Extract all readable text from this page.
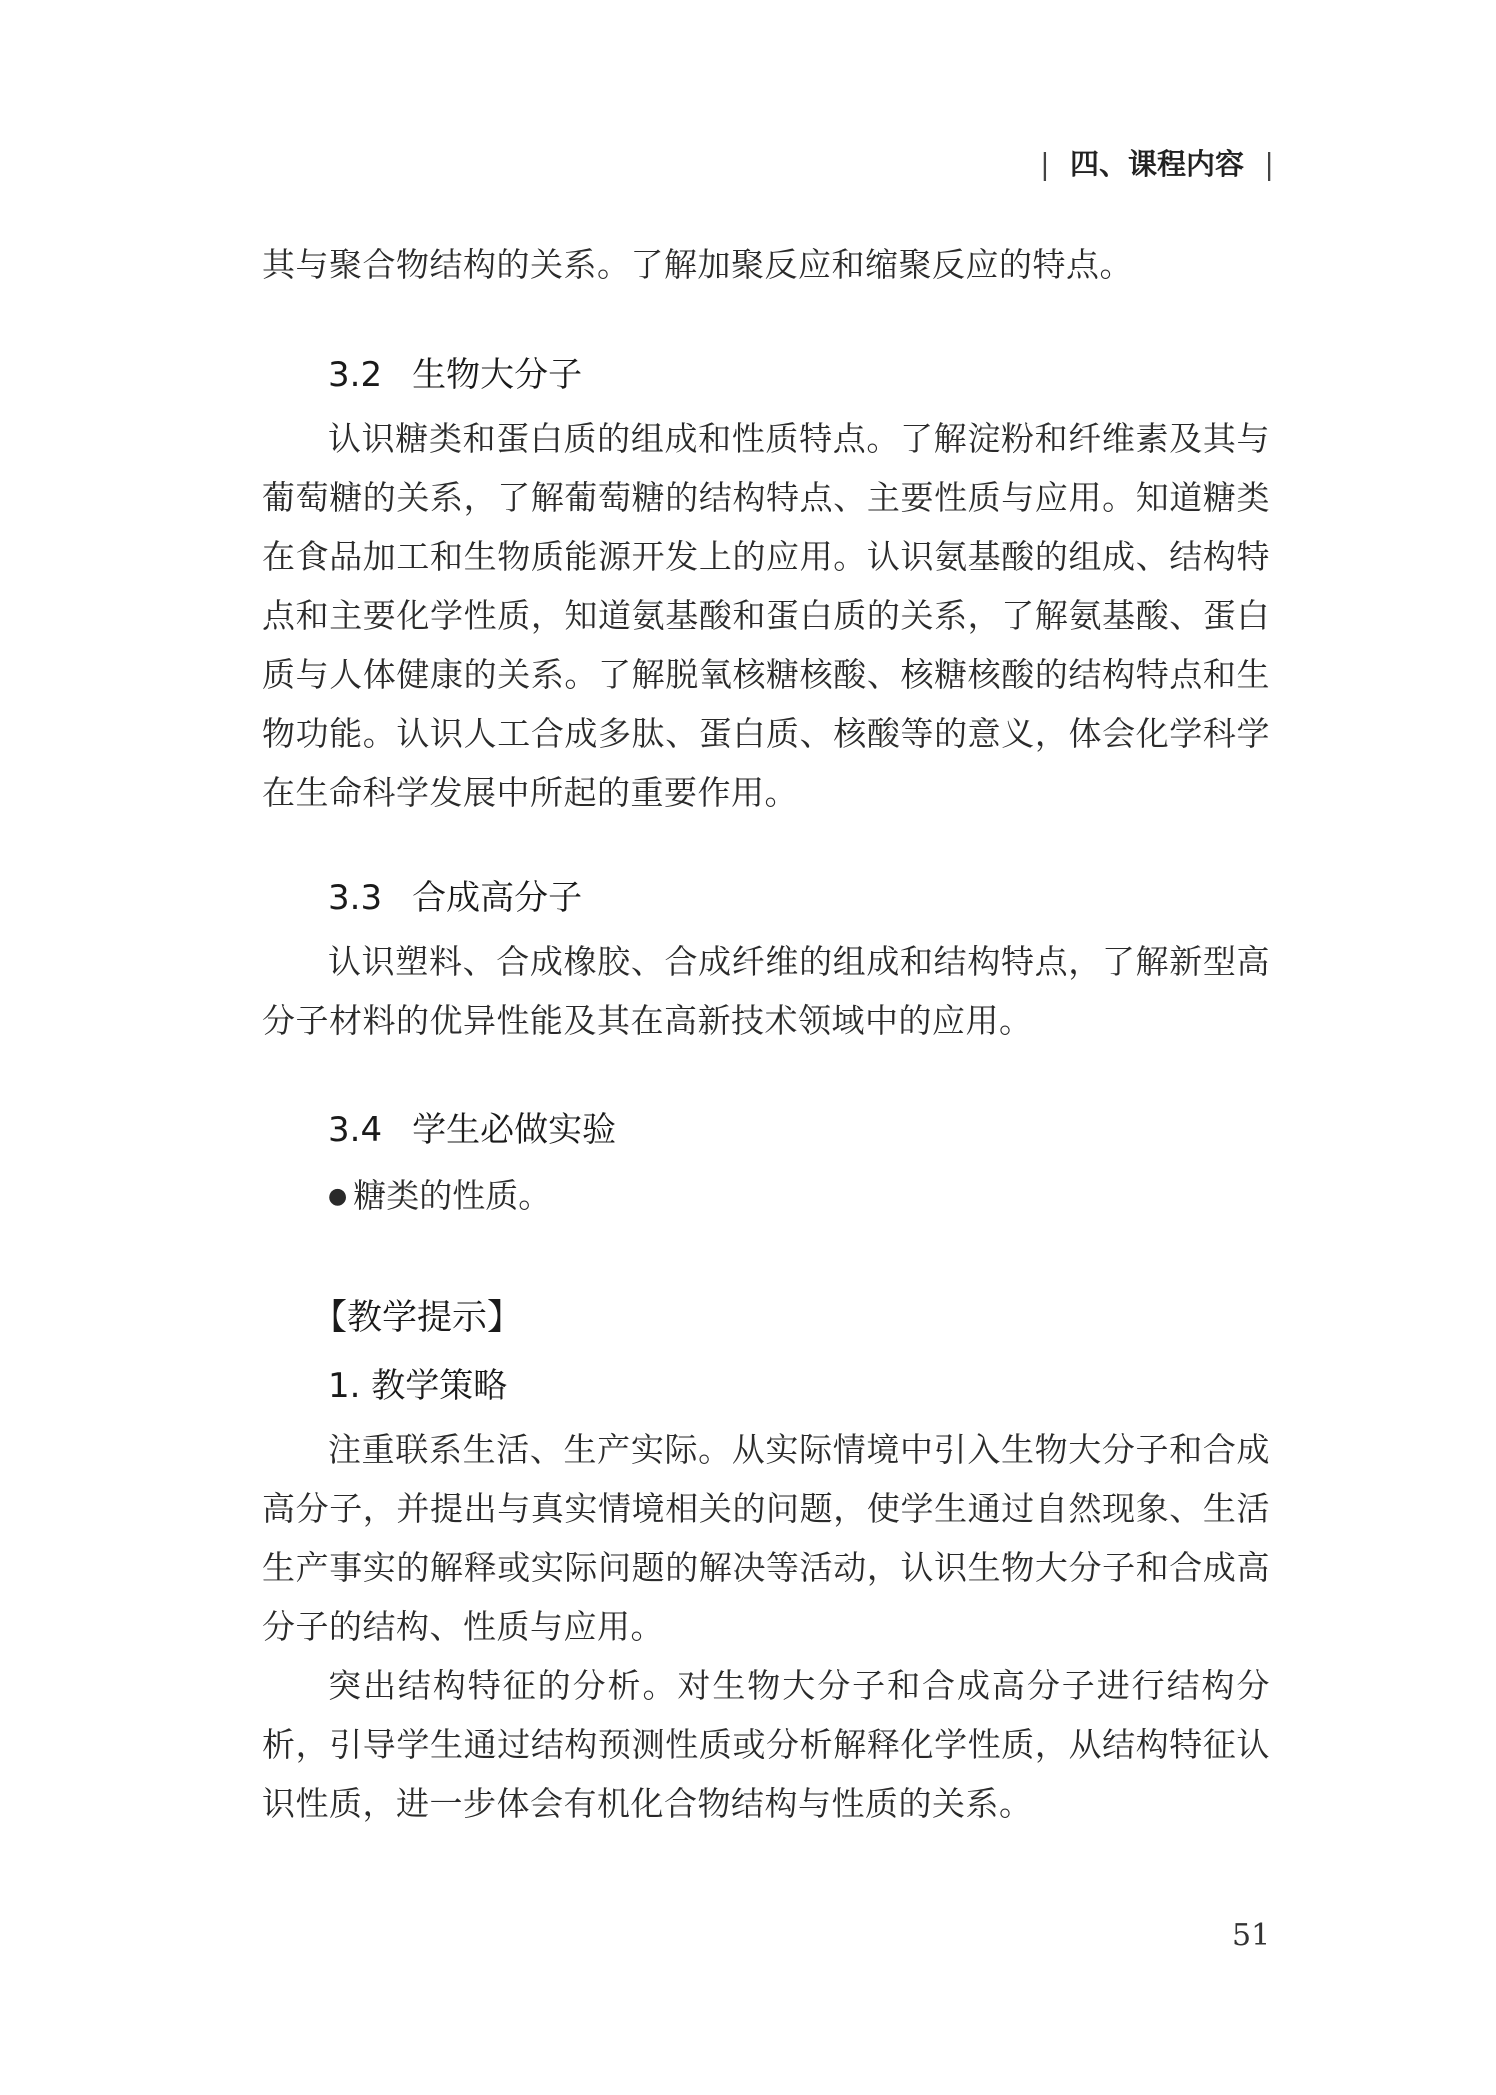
| 四、课程内容 |
其与聚合物结构的关系。了解加聚反应和缩聚反应的特点。
3.2 生物大分子
认识糖类和蛋白质的组成和性质特点。了解淀粉和纤维素及其与葡萄糖的关系，了解葡萄糖的结构特点、主要性质与应用。知道糖类在食品加工和生物质能源开发上的应用。认识氨基酸的组成、结构特点和主要化学性质，知道氨基酸和蛋白质的关系，了解氨基酸、蛋白质与人体健康的关系。了解脱氧核糖核酸、核糖核酸的结构特点和生物功能。认识人工合成多肽、蛋白质、核酸等的意义，体会化学科学在生命科学发展中所起的重要作用。
3.3 合成高分子
认识塑料、合成橡胶、合成纤维的组成和结构特点，了解新型高分子材料的优异性能及其在高新技术领域中的应用。
3.4 学生必做实验
● 糖类的性质。
【教学提示】
1. 教学策略
注重联系生活、生产实际。从实际情境中引入生物大分子和合成高分子，并提出与真实情境相关的问题，使学生通过自然现象、生活生产事实的解释或实际问题的解决等活动，认识生物大分子和合成高分子的结构、性质与应用。
突出结构特征的分析。对生物大分子和合成高分子进行结构分析，引导学生通过结构预测性质或分析解释化学性质，从结构特征认识性质，进一步体会有机化合物结构与性质的关系。
51
